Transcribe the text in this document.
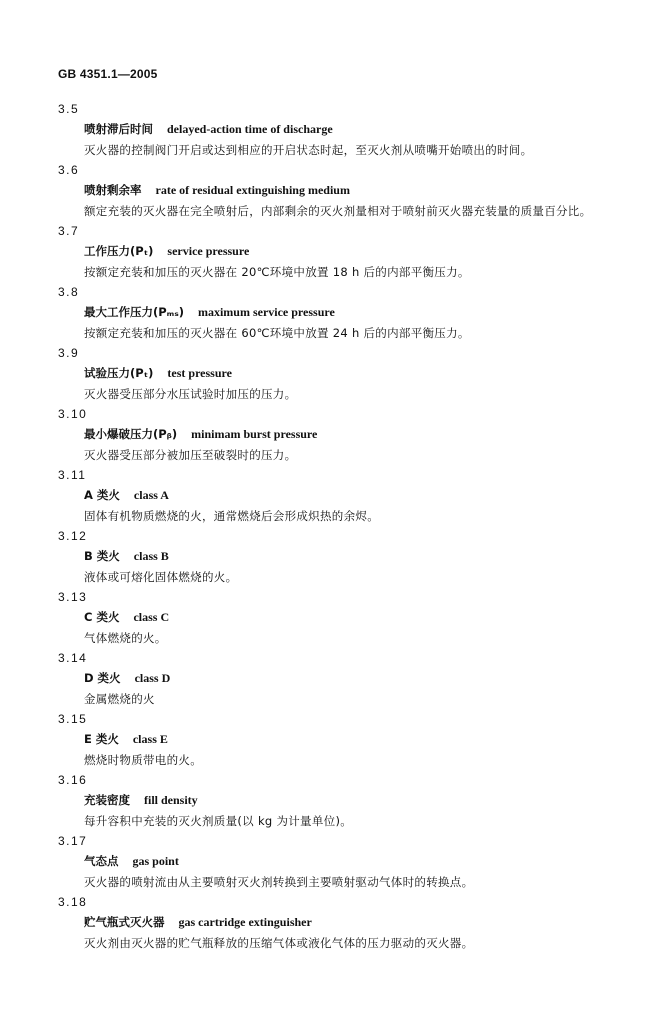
GB 4351.1—2005
3.5
喷射滞后时间 delayed-action time of discharge
灭火器的控制阀门开启或达到相应的开启状态时起，至灭火剂从喷嘴开始喷出的时间。
3.6
喷射剩余率 rate of residual extinguishing medium
额定充装的灭火器在完全喷射后，内部剩余的灭火剂量相对于喷射前灭火器充装量的质量百分比。
3.7
工作压力(Pₜ) service pressure
按额定充装和加压的灭火器在 20℃环境中放置 18 h 后的内部平衡压力。
3.8
最大工作压力(Pₘₛ) maximum service pressure
按额定充装和加压的灭火器在 60℃环境中放置 24 h 后的内部平衡压力。
3.9
试验压力(Pₜ) test pressure
灭火器受压部分水压试验时加压的压力。
3.10
最小爆破压力(Pᵦ) minimam burst pressure
灭火器受压部分被加压至破裂时的压力。
3.11
A 类火 class A
固体有机物质燃烧的火，通常燃烧后会形成炽热的余烬。
3.12
B 类火 class B
液体或可熔化固体燃烧的火。
3.13
C 类火 class C
气体燃烧的火。
3.14
D 类火 class D
金属燃烧的火
3.15
E 类火 class E
燃烧时物质带电的火。
3.16
充装密度 fill density
每升容积中充装的灭火剂质量(以 kg 为计量单位)。
3.17
气态点 gas point
灭火器的喷射流由从主要喷射灭火剂转换到主要喷射驱动气体时的转换点。
3.18
贮气瓶式灭火器 gas cartridge extinguisher
灭火剂由灭火器的贮气瓶释放的压缩气体或液化气体的压力驱动的灭火器。
